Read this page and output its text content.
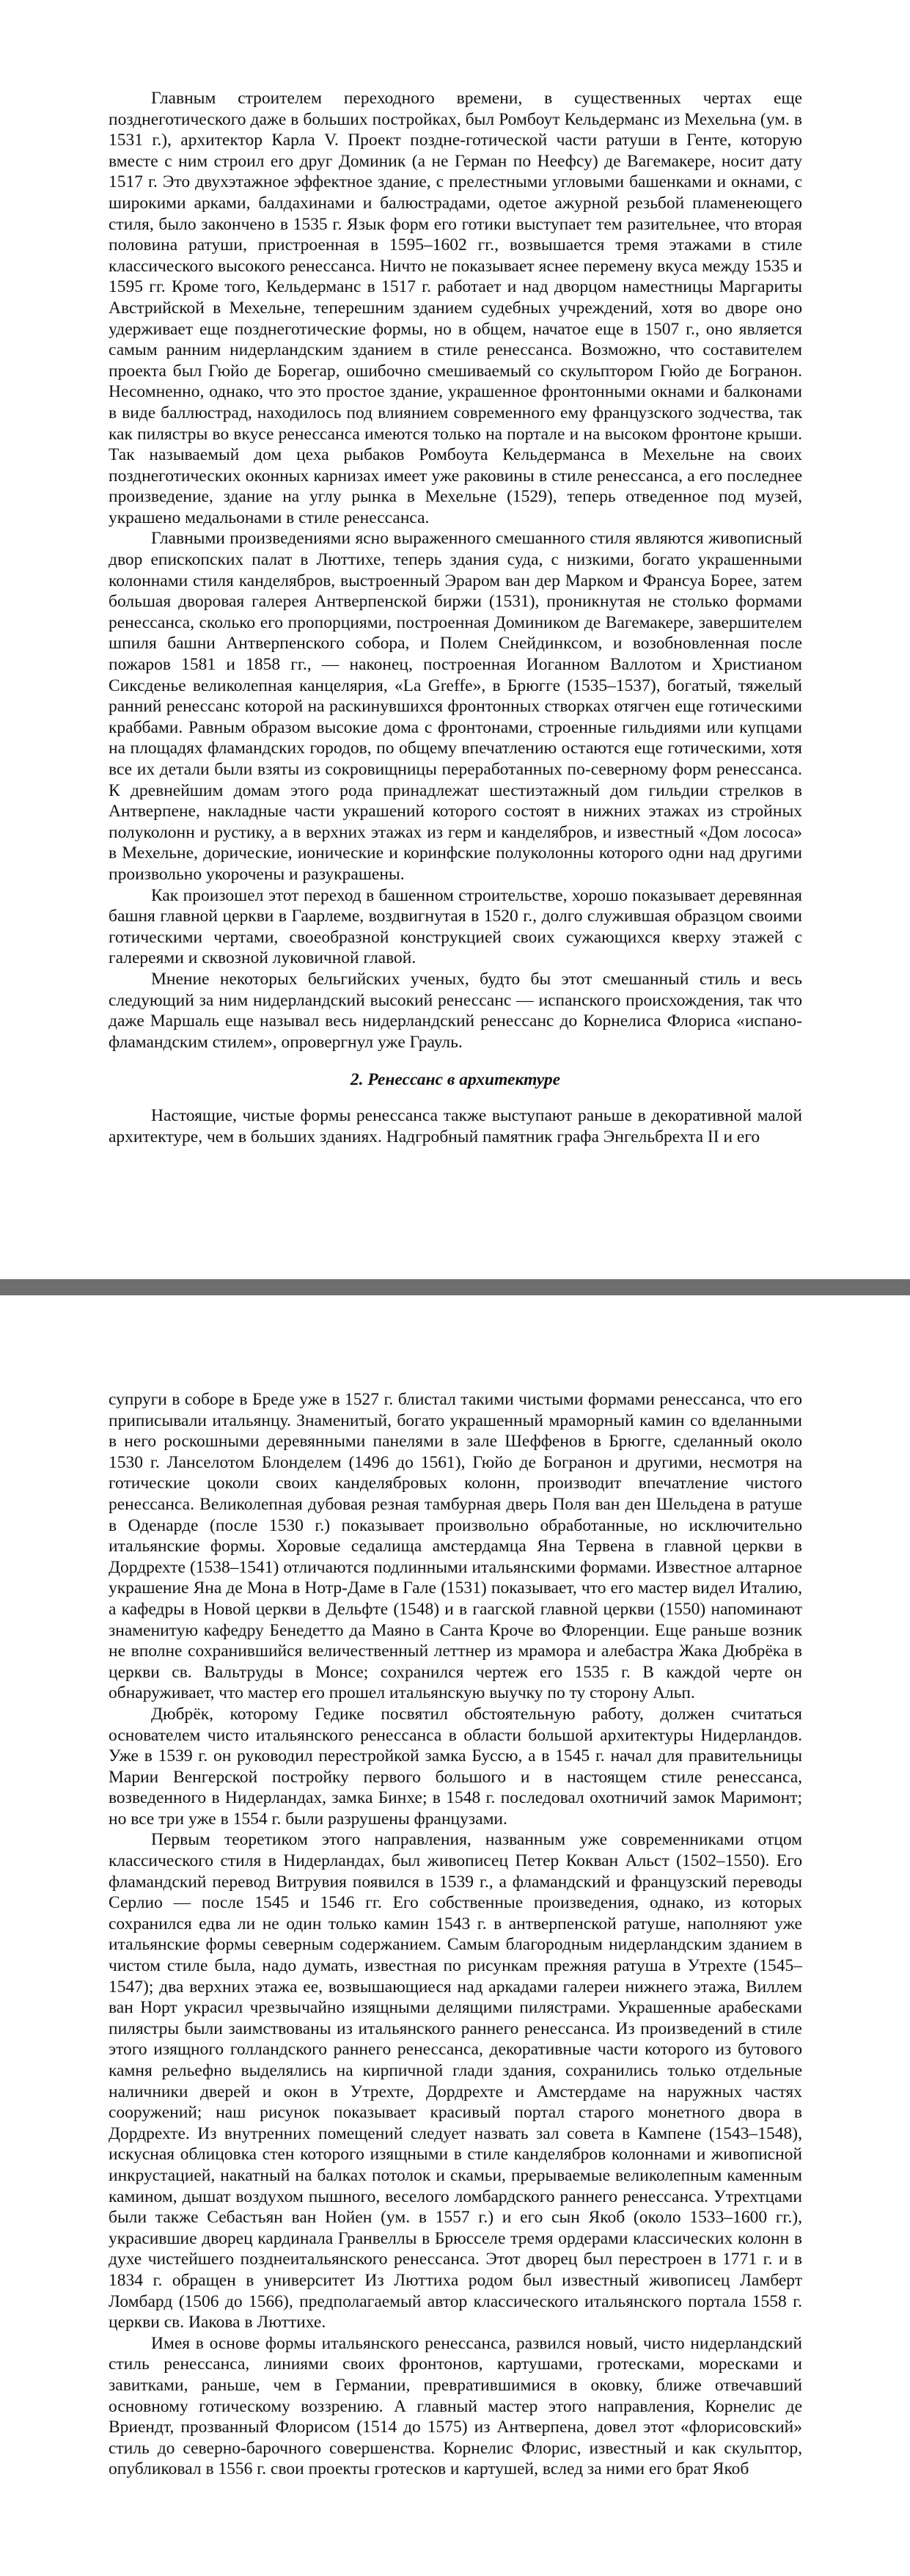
Главным строителем переходного времени, в существенных чертах еще позднеготического даже в больших постройках, был Ромбоут Кельдерманс из Мехельна (ум. в 1531 г.), архитектор Карла V. Проект поздне-готической части ратуши в Генте, которую вместе с ним строил его друг Доминик (а не Герман по Неефсу) де Вагемакере, носит дату 1517 г. Это двухэтажное эффектное здание, с прелестными угловыми башенками и окнами, с широкими арками, балдахинами и балюстрадами, одетое ажурной резьбой пламенеющего стиля, было закончено в 1535 г. Язык форм его готики выступает тем разительнее, что вторая половина ратуши, пристроенная в 1595–1602 гг., возвышается тремя этажами в стиле классического высокого ренессанса. Ничто не показывает яснее перемену вкуса между 1535 и 1595 гг. Кроме того, Кельдерманс в 1517 г. работает и над дворцом наместницы Маргариты Австрийской в Мехельне, теперешним зданием судебных учреждений, хотя во дворе оно удерживает еще позднеготические формы, но в общем, начатое еще в 1507 г., оно является самым ранним нидерландским зданием в стиле ренессанса. Возможно, что составителем проекта был Гюйо де Борегар, ошибочно смешиваемый со скульптором Гюйо де Богранон. Несомненно, однако, что это простое здание, украшенное фронтонными окнами и балконами в виде баллюстрад, находилось под влиянием современного ему французского зодчества, так как пилястры во вкусе ренессанса имеются только на портале и на высоком фронтоне крыши. Так называемый дом цеха рыбаков Ромбоута Кельдерманса в Мехельне на своих позднеготических оконных карнизах имеет уже раковины в стиле ренессанса, а его последнее произведение, здание на углу рынка в Мехельне (1529), теперь отведенное под музей, украшено медальонами в стиле ренессанса.

Главными произведениями ясно выраженного смешанного стиля являются живописный двор епископских палат в Люттихе, теперь здания суда, с низкими, богато украшенными колоннами стиля канделябров, выстроенный Эраром ван дер Марком и Франсуа Борее, затем большая дворовая галерея Антверпенской биржи (1531), проникнутая не столько формами ренессанса, сколько его пропорциями, построенная Домиником де Вагемакере, завершителем шпиля башни Антверпенского собора, и Полем Снейдинксом, и возобновленная после пожаров 1581 и 1858 гг., — наконец, построенная Иоганном Валлотом и Христианом Сиксденье великолепная канцелярия, «La Greffe», в Брюгге (1535–1537), богатый, тяжелый ранний ренессанс которой на раскинувшихся фронтонных створках отягчен еще готическими краббами. Равным образом высокие дома с фронтонами, строенные гильдиями или купцами на площадях фламандских городов, по общему впечатлению остаются еще готическими, хотя все их детали были взяты из сокровищницы переработанных по-северному форм ренессанса. К древнейшим домам этого рода принадлежат шестиэтажный дом гильдии стрелков в Антверпене, накладные части украшений которого состоят в нижних этажах из стройных полуколонн и рустику, а в верхних этажах из герм и канделябров, и известный «Дом лососа» в Мехельне, дорические, ионические и коринфские полуколонны которого одни над другими произвольно укорочены и разукрашены.

Как произошел этот переход в башенном строительстве, хорошо показывает деревянная башня главной церкви в Гаарлеме, воздвигнутая в 1520 г., долго служившая образцом своими готическими чертами, своеобразной конструкцией своих сужающихся кверху этажей с галереями и сквозной луковичной главой.

Мнение некоторых бельгийских ученых, будто бы этот смешанный стиль и весь следующий за ним нидерландский высокий ренессанс — испанского происхождения, так что даже Маршаль еще называл весь нидерландский ренессанс до Корнелиса Флориса «испано-фламандским стилем», опровергнул уже Грауль.

2. Ренессанс в архитектуре

Настоящие, чистые формы ренессанса также выступают раньше в декоративной малой архитектуре, чем в больших зданиях. Надгробный памятник графа Энгельбрехта II и его

супруги в соборе в Бреде уже в 1527 г. блистал такими чистыми формами ренессанса, что его приписывали итальянцу. Знаменитый, богато украшенный мраморный камин со вделанными в него роскошными деревянными панелями в зале Шеффенов в Брюгге, сделанный около 1530 г. Ланселотом Блонделем (1496 до 1561), Гюйо де Богранон и другими, несмотря на готические цоколи своих канделябровых колонн, производит впечатление чистого ренессанса. Великолепная дубовая резная тамбурная дверь Поля ван ден Шельдена в ратуше в Оденарде (после 1530 г.) показывает произвольно обработанные, но исключительно итальянские формы. Хоровые седалища амстердамца Яна Тервена в главной церкви в Дордрехте (1538–1541) отличаются подлинными итальянскими формами. Известное алтарное украшение Яна де Мона в Нотр-Даме в Гале (1531) показывает, что его мастер видел Италию, а кафедры в Новой церкви в Дельфте (1548) и в гаагской главной церкви (1550) напоминают знаменитую кафедру Бенедетто да Маяно в Санта Кроче во Флоренции. Еще раньше возник не вполне сохранившийся величественный леттнер из мрамора и алебастра Жака Дюбрёка в церкви св. Вальтруды в Монсе; сохранился чертеж его 1535 г. В каждой черте он обнаруживает, что мастер его прошел итальянскую выучку по ту сторону Альп.

Дюбрёк, которому Гедике посвятил обстоятельную работу, должен считаться основателем чисто итальянского ренессанса в области большой архитектуры Нидерландов. Уже в 1539 г. он руководил перестройкой замка Буссю, а в 1545 г. начал для правительницы Марии Венгерской постройку первого большого и в настоящем стиле ренессанса, возведенного в Нидерландах, замка Бинхе; в 1548 г. последовал охотничий замок Маримонт; но все три уже в 1554 г. были разрушены французами.

Первым теоретиком этого направления, названным уже современниками отцом классического стиля в Нидерландах, был живописец Петер Кокван Альст (1502–1550). Его фламандский перевод Витрувия появился в 1539 г., а фламандский и французский переводы Серлио — после 1545 и 1546 гг. Его собственные произведения, однако, из которых сохранился едва ли не один только камин 1543 г. в антверпенской ратуше, наполняют уже итальянские формы северным содержанием. Самым благородным нидерландским зданием в чистом стиле была, надо думать, известная по рисункам прежняя ратуша в Утрехте (1545–1547); два верхних этажа ее, возвышающиеся над аркадами галереи нижнего этажа, Виллем ван Норт украсил чрезвычайно изящными делящими пилястрами. Украшенные арабесками пилястры были заимствованы из итальянского раннего ренессанса. Из произведений в стиле этого изящного голландского раннего ренессанса, декоративные части которого из бутового камня рельефно выделялись на кирпичной глади здания, сохранились только отдельные наличники дверей и окон в Утрехте, Дордрехте и Амстердаме на наружных частях сооружений; наш рисунок показывает красивый портал старого монетного двора в Дордрехте. Из внутренних помещений следует назвать зал совета в Кампене (1543–1548), искусная облицовка стен которого изящными в стиле канделябров колоннами и живописной инкрустацией, накатный на балках потолок и скамьи, прерываемые великолепным каменным камином, дышат воздухом пышного, веселого ломбардского раннего ренессанса. Утрехтцами были также Себастьян ван Нойен (ум. в 1557 г.) и его сын Якоб (около 1533–1600 гг.), украсившие дворец кардинала Гранвеллы в Брюсселе тремя ордерами классических колонн в духе чистейшего позднеитальянского ренессанса. Этот дворец был перестроен в 1771 г. и в 1834 г. обращен в университет Из Люттиха родом был известный живописец Ламберт Ломбард (1506 до 1566), предполагаемый автор классического итальянского портала 1558 г. церкви св. Иакова в Люттихе.

Имея в основе формы итальянского ренессанса, развился новый, чисто нидерландский стиль ренессанса, линиями своих фронтонов, картушами, гротесками, моресками и завитками, раньше, чем в Германии, превратившимися в оковку, ближе отвечавший основному готическому воззрению. А главный мастер этого направления, Корнелис де Вриендт, прозванный Флорисом (1514 до 1575) из Антверпена, довел этот «флорисовский» стиль до северно-барочного совершенства. Корнелис Флорис, известный и как скульптор, опубликовал в 1556 г. свои проекты гротесков и картушей, вслед за ними его брат Якоб
